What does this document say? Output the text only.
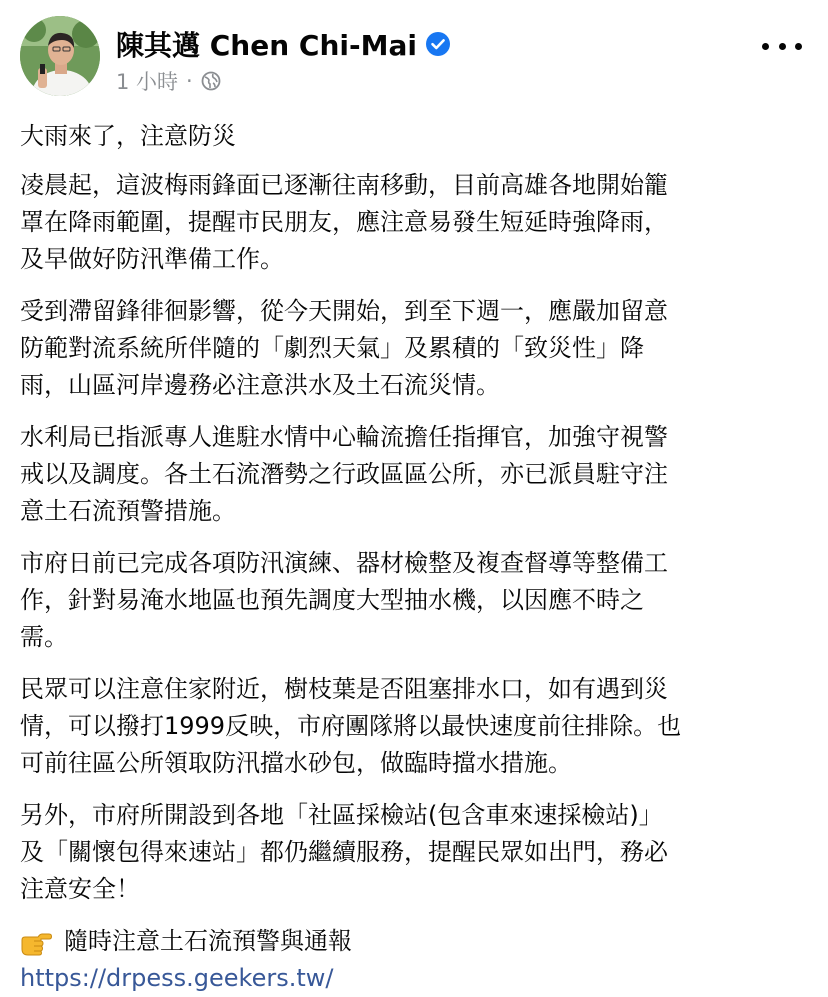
陳其邁 Chen Chi-Mai
1 小時 ·

大雨來了，注意防災

凌晨起，這波梅雨鋒面已逐漸往南移動，目前高雄各地開始籠
罩在降雨範圍，提醒市民朋友，應注意易發生短延時強降雨，
及早做好防汛準備工作。

受到滯留鋒徘徊影響，從今天開始，到至下週一，應嚴加留意
防範對流系統所伴隨的「劇烈天氣」及累積的「致災性」降
雨，山區河岸邊務必注意洪水及土石流災情。

水利局已指派專人進駐水情中心輪流擔任指揮官，加強守視警
戒以及調度。各土石流潛勢之行政區區公所，亦已派員駐守注
意土石流預警措施。

市府日前已完成各項防汛演練、器材檢整及複查督導等整備工
作，針對易淹水地區也預先調度大型抽水機，以因應不時之
需。

民眾可以注意住家附近，樹枝葉是否阻塞排水口，如有遇到災
情，可以撥打1999反映，市府團隊將以最快速度前往排除。也
可前往區公所領取防汛擋水砂包，做臨時擋水措施。

另外，市府所開設到各地「社區採檢站(包含車來速採檢站)」
及「關懷包得來速站」都仍繼續服務，提醒民眾如出門，務必
注意安全！

隨時注意土石流預警與通報
https://drpess.geekers.tw/
